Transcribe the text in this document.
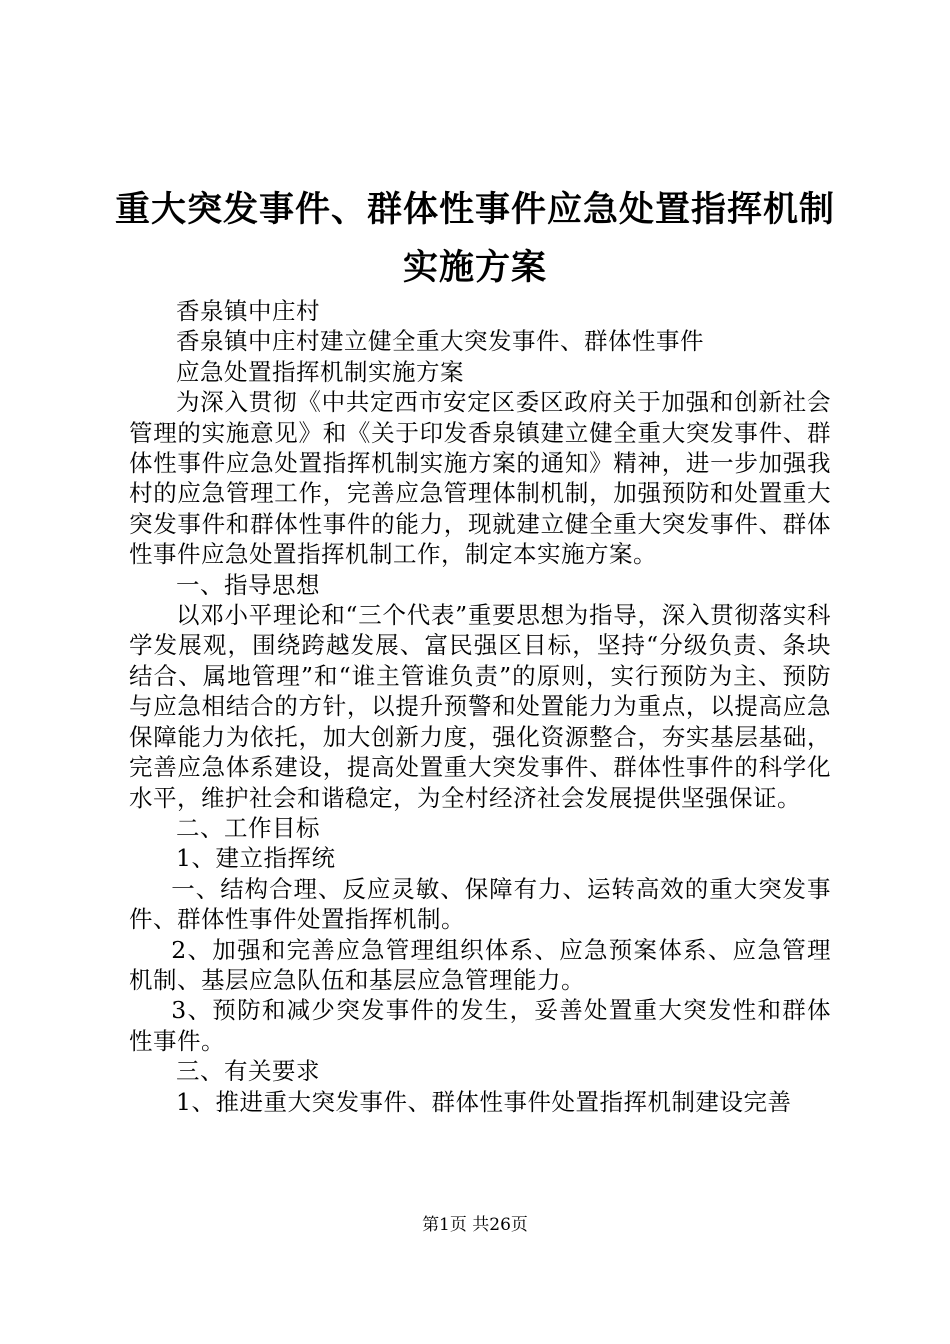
重大突发事件、群体性事件应急处置指挥机制
实施方案

香泉镇中庄村

香泉镇中庄村建立健全重大突发事件、群体性事件

应急处置指挥机制实施方案

为深入贯彻《中共定西市安定区委区政府关于加强和创新社会管理的实施意见》和《关于印发香泉镇建立健全重大突发事件、群体性事件应急处置指挥机制实施方案的通知》精神，进一步加强我村的应急管理工作，完善应急管理体制机制，加强预防和处置重大突发事件和群体性事件的能力，现就建立健全重大突发事件、群体性事件应急处置指挥机制工作，制定本实施方案。

一、指导思想

以邓小平理论和“三个代表”重要思想为指导，深入贯彻落实科学发展观，围绕跨越发展、富民强区目标，坚持“分级负责、条块结合、属地管理”和“谁主管谁负责”的原则，实行预防为主、预防与应急相结合的方针，以提升预警和处置能力为重点，以提高应急保障能力为依托，加大创新力度，强化资源整合，夯实基层基础，完善应急体系建设，提高处置重大突发事件、群体性事件的科学化水平，维护社会和谐稳定，为全村经济社会发展提供坚强保证。

二、工作目标

1、建立指挥统

一、结构合理、反应灵敏、保障有力、运转高效的重大突发事件、群体性事件处置指挥机制。

2、加强和完善应急管理组织体系、应急预案体系、应急管理机制、基层应急队伍和基层应急管理能力。

3、预防和减少突发事件的发生，妥善处置重大突发性和群体性事件。

三、有关要求

1、推进重大突发事件、群体性事件处置指挥机制建设完善

第1页 共26页
